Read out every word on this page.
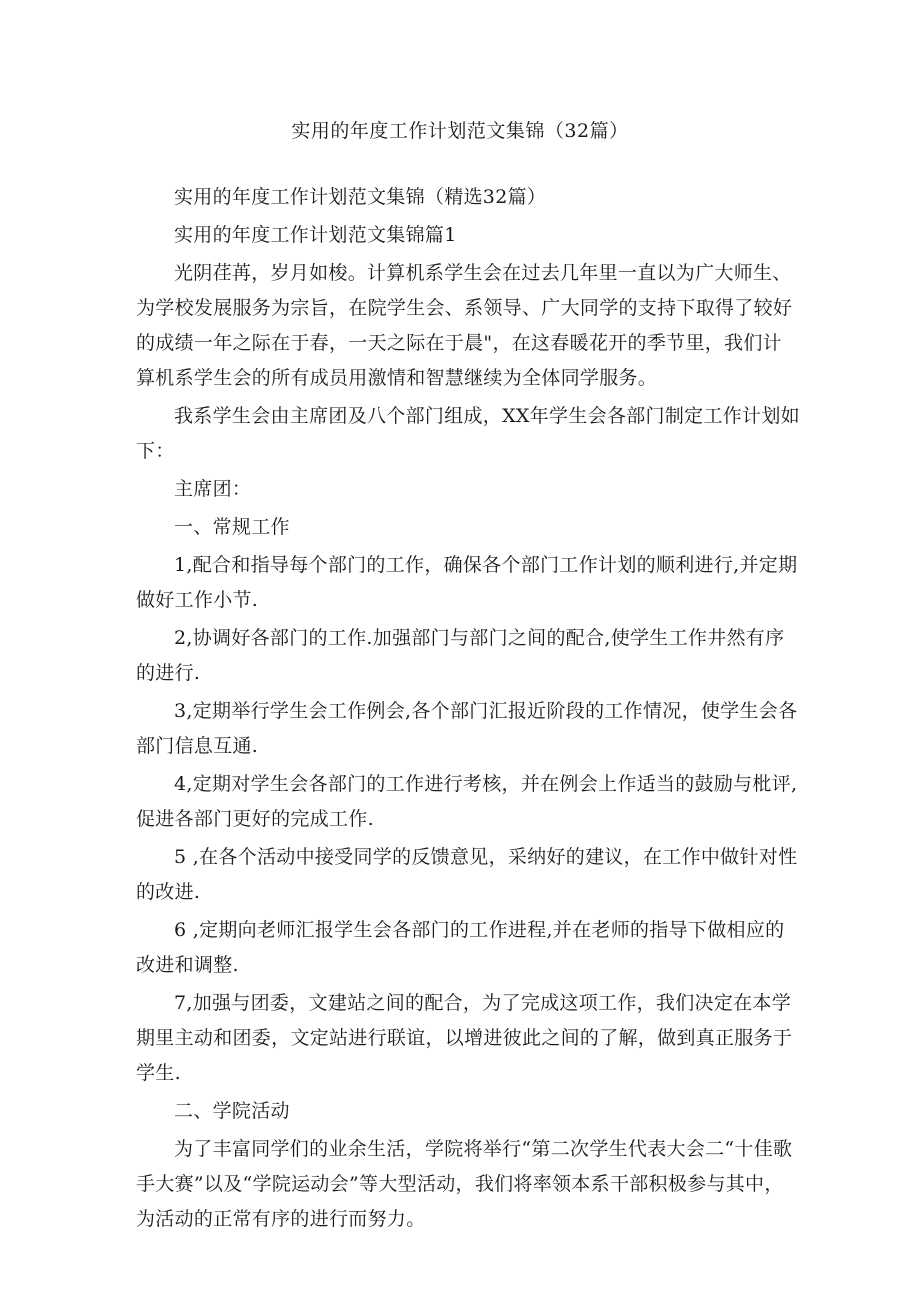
实用的年度工作计划范文集锦（32篇）

实用的年度工作计划范文集锦（精选32篇）

实用的年度工作计划范文集锦篇1

光阴荏苒，岁月如梭。计算机系学生会在过去几年里一直以为广大师生、为学校发展服务为宗旨，在院学生会、系领导、广大同学的支持下取得了较好的成绩一年之际在于春，一天之际在于晨"，在这春暖花开的季节里，我们计算机系学生会的所有成员用激情和智慧继续为全体同学服务。

我系学生会由主席团及八个部门组成，XX年学生会各部门制定工作计划如下：

主席团：

一、常规工作

1,配合和指导每个部门的工作，确保各个部门工作计划的顺利进行,并定期做好工作小节.

2,协调好各部门的工作.加强部门与部门之间的配合,使学生工作井然有序的进行.

3,定期举行学生会工作例会,各个部门汇报近阶段的工作情况，使学生会各部门信息互通.

4,定期对学生会各部门的工作进行考核，并在例会上作适当的鼓励与枇评,促进各部门更好的完成工作.

5 ,在各个活动中接受同学的反馈意见，采纳好的建议，在工作中做针对性的改进.

6 ,定期向老师汇报学生会各部门的工作进程,并在老师的指导下做相应的改进和调整.

7,加强与团委，文建站之间的配合，为了完成这项工作，我们决定在本学期里主动和团委，文定站进行联谊，以增进彼此之间的了解，做到真正服务于学生.

二、学院活动

为了丰富同学们的业余生活，学院将举行“第二次学生代表大会二“十佳歌手大赛”以及“学院运动会”等大型活动，我们将率领本系干部积极参与其中，为活动的正常有序的进行而努力。
